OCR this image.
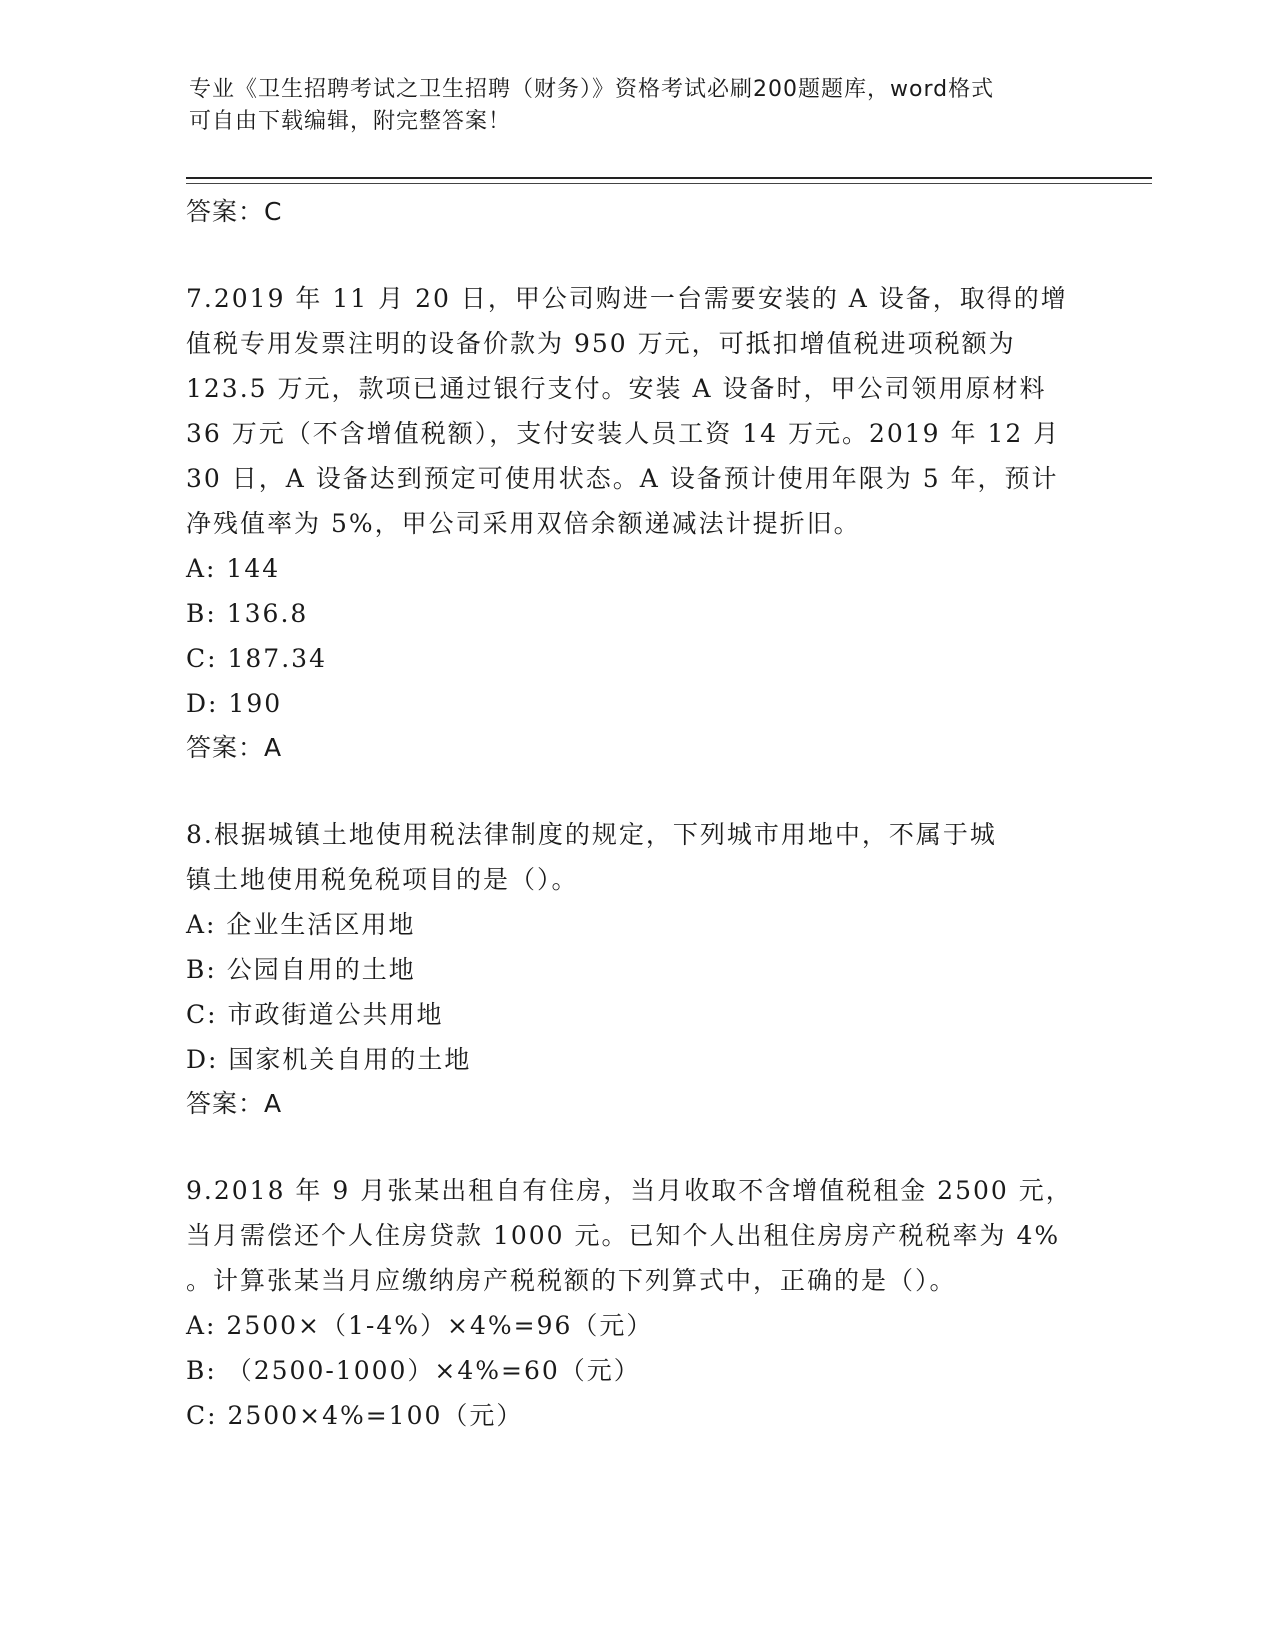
专业《卫生招聘考试之卫生招聘（财务）》资格考试必刷200题题库，word格式
可自由下载编辑，附完整答案！
答案：C
7.2019 年 11 月 20 日，甲公司购进一台需要安装的 A 设备，取得的增
值税专用发票注明的设备价款为 950 万元，可抵扣增值税进项税额为
123.5 万元，款项已通过银行支付。安装 A 设备时，甲公司领用原材料
36 万元（不含增值税额），支付安装人员工资 14 万元。2019 年 12 月
30 日，A 设备达到预定可使用状态。A 设备预计使用年限为 5 年，预计
净残值率为 5%，甲公司采用双倍余额递减法计提折旧。
A: 144
B: 136.8
C: 187.34
D: 190
答案：A
8.根据城镇土地使用税法律制度的规定，下列城市用地中，不属于城
镇土地使用税免税项目的是（）。
A: 企业生活区用地
B: 公园自用的土地
C: 市政街道公共用地
D: 国家机关自用的土地
答案：A
9.2018 年 9 月张某出租自有住房，当月收取不含增值税租金 2500 元，
当月需偿还个人住房贷款 1000 元。已知个人出租住房房产税税率为 4%
。计算张某当月应缴纳房产税税额的下列算式中，正确的是（）。
A: 2500×（1-4%）×4%=96（元）
B: （2500-1000）×4%=60（元）
C: 2500×4%=100（元）
